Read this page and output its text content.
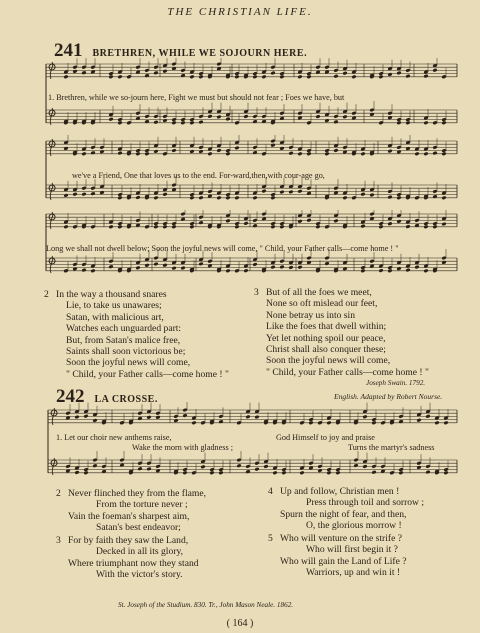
THE CHRISTIAN LIFE.
241 BRETHREN, WHILE WE SOJOURN HERE.
1. Brethren, while we so-journ here, Fight we must but should not fear ; Foes we have, but
we've a Friend, One that loves us to the end. For-ward,then,with cour-age go,
Long we shall not dwell below; Soon the joyful news will come, " Child, your Father calls—come home ! "
2 In the way a thousand snares
Lie, to take us unawares;
Satan, with malicious art,
Watches each unguarded part:
But, from Satan's malice free,
Saints shall soon victorious be;
Soon the joyful news will come,
" Child, your Father calls—come home ! "
3 But of all the foes we meet,
None so oft mislead our feet,
None betray us into sin
Like the foes that dwell within;
Yet let nothing spoil our peace,
Christ shall also conquer these;
Soon the joyful news will come,
" Child, your Father calls—come home ! "
Joseph Swain. 1792.
242 LA CROSSE.	English. Adapted by Robert Nourse.
1. Let our choir new anthems raise,	God Himself to joy and praise
Wake the morn with gladness ;	Turns the martyr's sadness
2 Never flinched they from the flame,
From the torture never ;
Vain the foeman's sharpest aim,
Satan's best endeavor;
3 For by faith they saw the Land,
Decked in all its glory,
Where triumphant now they stand
With the victor's story.
4 Up and follow, Christian men !
Press through toil and sorrow ;
Spurn the night of fear, and then,
O, the glorious morrow !
5 Who will venture on the strife ?
Who will first begin it ?
Who will gain the Land of Life ?
Warriors, up and win it !
St. Joseph of the Studium. 830. Tr., John Mason Neale. 1862.
( 164 )
